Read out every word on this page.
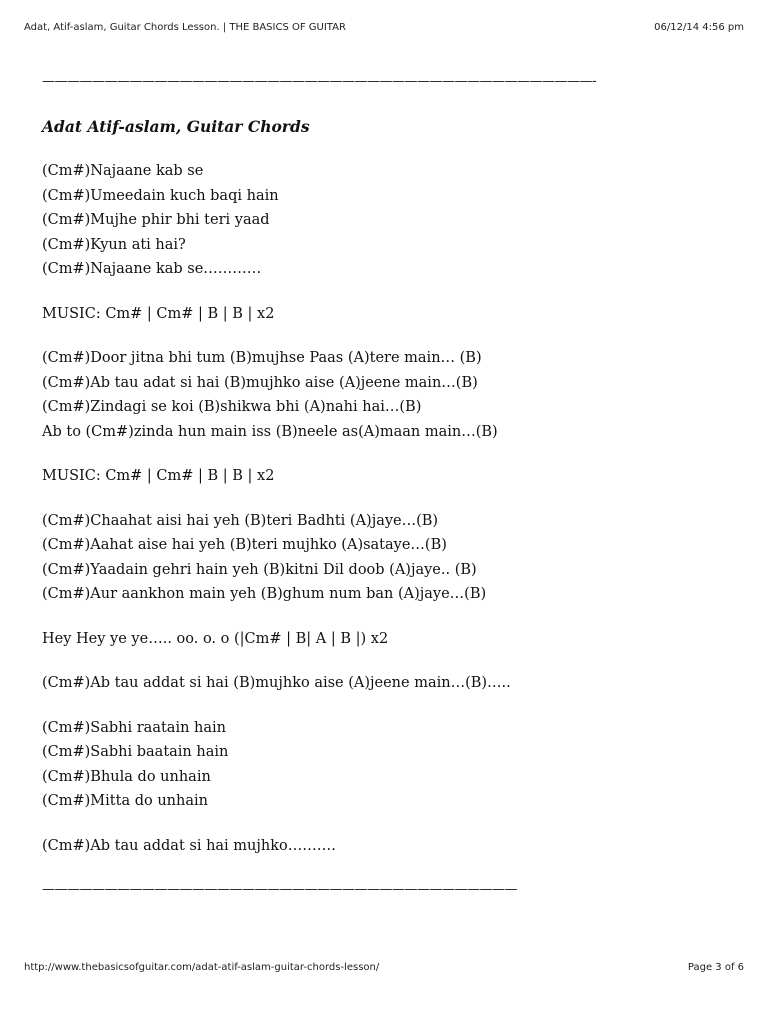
Adat, Atif-aslam, Guitar Chords Lesson. | THE BASICS OF GUITAR	06/12/14 4:56 pm
————————————————————————————————————————————-
Adat Atif-aslam, Guitar Chords
(Cm#)Najaane kab se
(Cm#)Umeedain kuch baqi hain
(Cm#)Mujhe phir bhi teri yaad
(Cm#)Kyun ati hai?
(Cm#)Najaane kab se…………
MUSIC: Cm# | Cm# | B | B | x2
(Cm#)Door jitna bhi tum (B)mujhse Paas (A)tere main… (B)
(Cm#)Ab tau adat si hai (B)mujhko aise (A)jeene main…(B)
(Cm#)Zindagi se koi (B)shikwa bhi (A)nahi hai…(B)
Ab to (Cm#)zinda hun main iss (B)neele as(A)maan main…(B)
MUSIC: Cm# | Cm# | B | B | x2
(Cm#)Chaahat aisi hai yeh (B)teri Badhti (A)jaye…(B)
(Cm#)Aahat aise hai yeh (B)teri mujhko (A)sataye…(B)
(Cm#)Yaadain gehri hain yeh (B)kitni Dil doob (A)jaye.. (B)
(Cm#)Aur aankhon main yeh (B)ghum num ban (A)jaye…(B)
Hey Hey ye ye….. oo. o. o (|Cm# | B| A | B |) x2
(Cm#)Ab tau addat si hai (B)mujhko aise (A)jeene main…(B)…..
(Cm#)Sabhi raatain hain
(Cm#)Sabhi baatain hain
(Cm#)Bhula do unhain
(Cm#)Mitta do unhain
(Cm#)Ab tau addat si hai mujhko……….
——————————————————————————————————————
http://www.thebasicsofguitar.com/adat-atif-aslam-guitar-chords-lesson/	Page 3 of 6
